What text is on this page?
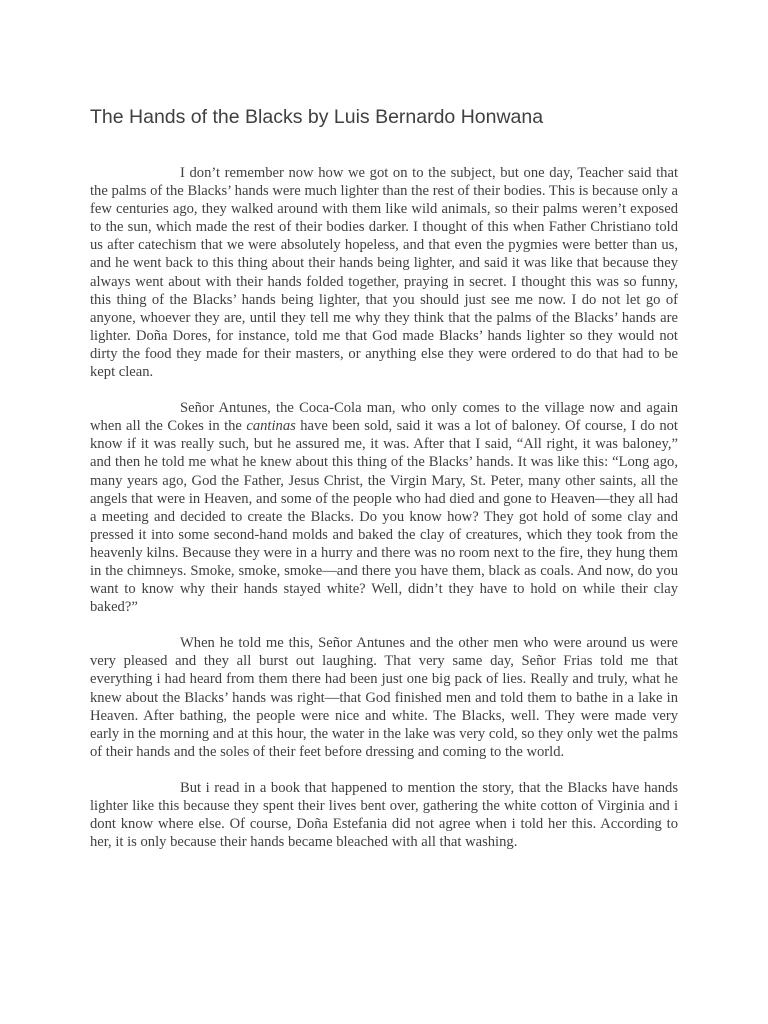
The Hands of the Blacks by Luis Bernardo Honwana

I don’t remember now how we got on to the subject, but one day, Teacher said that the palms of the Blacks’ hands were much lighter than the rest of their bodies. This is because only a few centuries ago, they walked around with them like wild animals, so their palms weren’t exposed to the sun, which made the rest of their bodies darker. I thought of this when Father Christiano told us after catechism that we were absolutely hopeless, and that even the pygmies were better than us, and he went back to this thing about their hands being lighter, and said it was like that because they always went about with their hands folded together, praying in secret. I thought this was so funny, this thing of the Blacks’ hands being lighter, that you should just see me now. I do not let go of anyone, whoever they are, until they tell me why they think that the palms of the Blacks’ hands are lighter. Doña Dores, for instance, told me that God made Blacks’ hands lighter so they would not dirty the food they made for their masters, or anything else they were ordered to do that had to be kept clean.

Señor Antunes, the Coca-Cola man, who only comes to the village now and again when all the Cokes in the cantinas have been sold, said it was a lot of baloney. Of course, I do not know if it was really such, but he assured me, it was. After that I said, “All right, it was baloney,” and then he told me what he knew about this thing of the Blacks’ hands. It was like this: “Long ago, many years ago, God the Father, Jesus Christ, the Virgin Mary, St. Peter, many other saints, all the angels that were in Heaven, and some of the people who had died and gone to Heaven—they all had a meeting and decided to create the Blacks. Do you know how? They got hold of some clay and pressed it into some second-hand molds and baked the clay of creatures, which they took from the heavenly kilns. Because they were in a hurry and there was no room next to the fire, they hung them in the chimneys. Smoke, smoke, smoke—and there you have them, black as coals. And now, do you want to know why their hands stayed white? Well, didn’t they have to hold on while their clay baked?”

When he told me this, Señor Antunes and the other men who were around us were very pleased and they all burst out laughing. That very same day, Señor Frias told me that everything i had heard from them there had been just one big pack of lies. Really and truly, what he knew about the Blacks’ hands was right—that God finished men and told them to bathe in a lake in Heaven. After bathing, the people were nice and white. The Blacks, well. They were made very early in the morning and at this hour, the water in the lake was very cold, so they only wet the palms of their hands and the soles of their feet before dressing and coming to the world.

But i read in a book that happened to mention the story, that the Blacks have hands lighter like this because they spent their lives bent over, gathering the white cotton of Virginia and i dont know where else. Of course, Doña Estefania did not agree when i told her this. According to her, it is only because their hands became bleached with all that washing.
